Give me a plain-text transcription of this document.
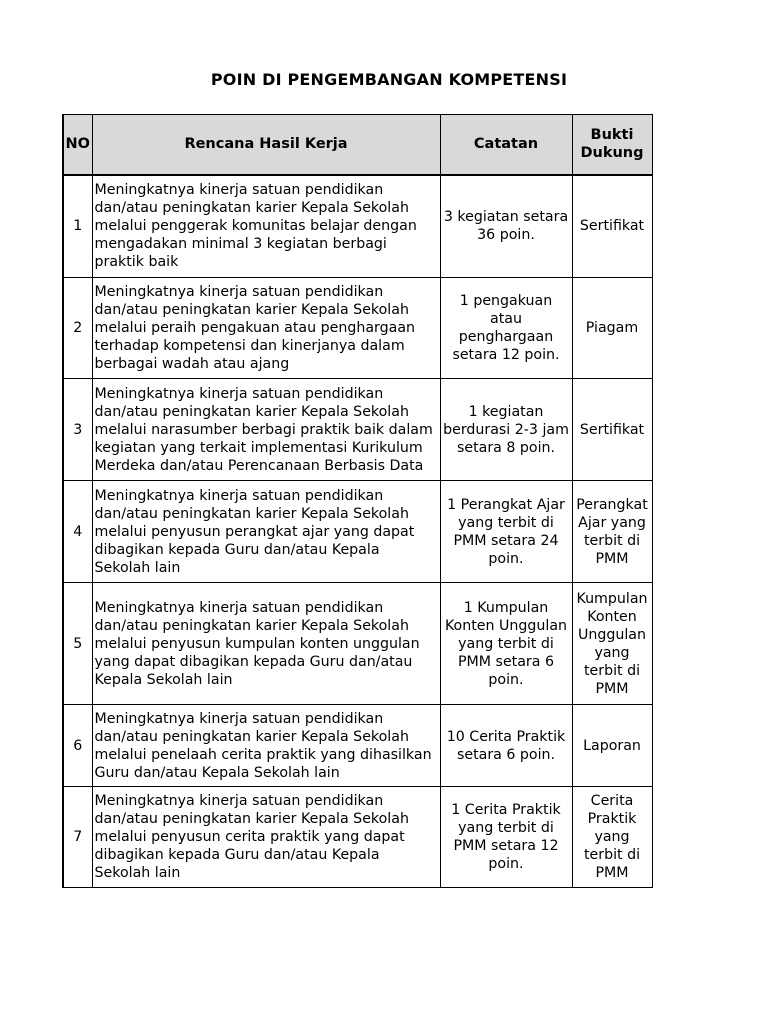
POIN DI PENGEMBANGAN KOMPETENSI
NO	Rencana Hasil Kerja	Catatan	Bukti Dukung
1	Meningkatnya kinerja satuan pendidikan dan/atau peningkatan karier Kepala Sekolah melalui penggerak komunitas belajar dengan mengadakan minimal 3 kegiatan berbagi praktik baik	3 kegiatan setara 36 poin.	Sertifikat
2	Meningkatnya kinerja satuan pendidikan dan/atau peningkatan karier Kepala Sekolah melalui peraih pengakuan atau penghargaan terhadap kompetensi dan kinerjanya dalam berbagai wadah atau ajang	1 pengakuan atau penghargaan setara 12 poin.	Piagam
3	Meningkatnya kinerja satuan pendidikan dan/atau peningkatan karier Kepala Sekolah melalui narasumber berbagi praktik baik dalam kegiatan yang terkait implementasi Kurikulum Merdeka dan/atau Perencanaan Berbasis Data	1 kegiatan berdurasi 2-3 jam setara 8 poin.	Sertifikat
4	Meningkatnya kinerja satuan pendidikan dan/atau peningkatan karier Kepala Sekolah melalui penyusun perangkat ajar yang dapat dibagikan kepada Guru dan/atau Kepala Sekolah lain	1 Perangkat Ajar yang terbit di PMM setara 24 poin.	Perangkat Ajar yang terbit di PMM
5	Meningkatnya kinerja satuan pendidikan dan/atau peningkatan karier Kepala Sekolah melalui penyusun kumpulan konten unggulan yang dapat dibagikan kepada Guru dan/atau Kepala Sekolah lain	1 Kumpulan Konten Unggulan yang terbit di PMM setara 6 poin.	Kumpulan Konten Unggulan yang terbit di PMM
6	Meningkatnya kinerja satuan pendidikan dan/atau peningkatan karier Kepala Sekolah melalui penelaah cerita praktik yang dihasilkan Guru dan/atau Kepala Sekolah lain	10 Cerita Praktik setara 6 poin.	Laporan
7	Meningkatnya kinerja satuan pendidikan dan/atau peningkatan karier Kepala Sekolah melalui penyusun cerita praktik yang dapat dibagikan kepada Guru dan/atau Kepala Sekolah lain	1 Cerita Praktik yang terbit di PMM setara 12 poin.	Cerita Praktik yang terbit di PMM
